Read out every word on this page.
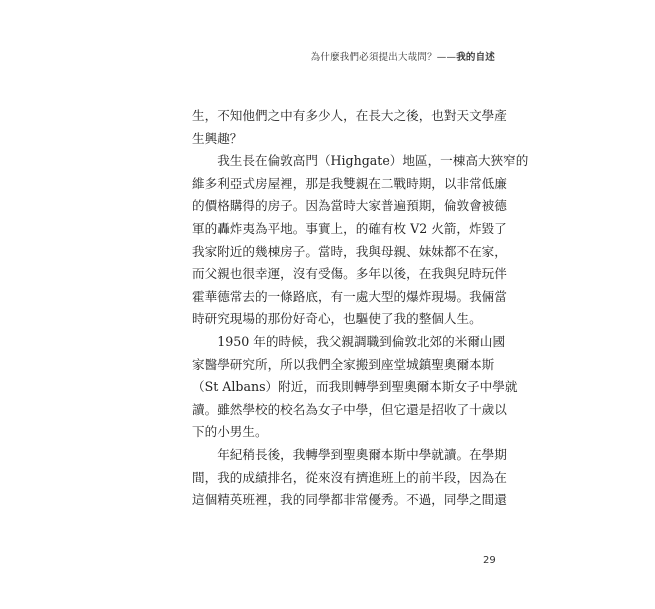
為什麼我們必須提出大哉問？——我的自述
生，不知他們之中有多少人，在長大之後，也對天文學產
生興趣？
　　我生長在倫敦高門（Highgate）地區，一棟高大狹窄的
維多利亞式房屋裡，那是我雙親在二戰時期，以非常低廉
的價格購得的房子。因為當時大家普遍預期，倫敦會被德
軍的轟炸夷為平地。事實上，的確有枚 V2 火箭，炸毀了
我家附近的幾棟房子。當時，我與母親、妹妹都不在家，
而父親也很幸運，沒有受傷。多年以後，在我與兒時玩伴
霍華德常去的一條路底，有一處大型的爆炸現場。我倆當
時研究現場的那份好奇心，也驅使了我的整個人生。
　　1950 年的時候，我父親調職到倫敦北郊的米爾山國
家醫學研究所，所以我們全家搬到座堂城鎮聖奧爾本斯
（St Albans）附近，而我則轉學到聖奧爾本斯女子中學就
讀。雖然學校的校名為女子中學，但它還是招收了十歲以
下的小男生。
　　年紀稍長後，我轉學到聖奧爾本斯中學就讀。在學期
間，我的成績排名，從來沒有擠進班上的前半段，因為在
這個精英班裡，我的同學都非常優秀。不過，同學之間還
29
